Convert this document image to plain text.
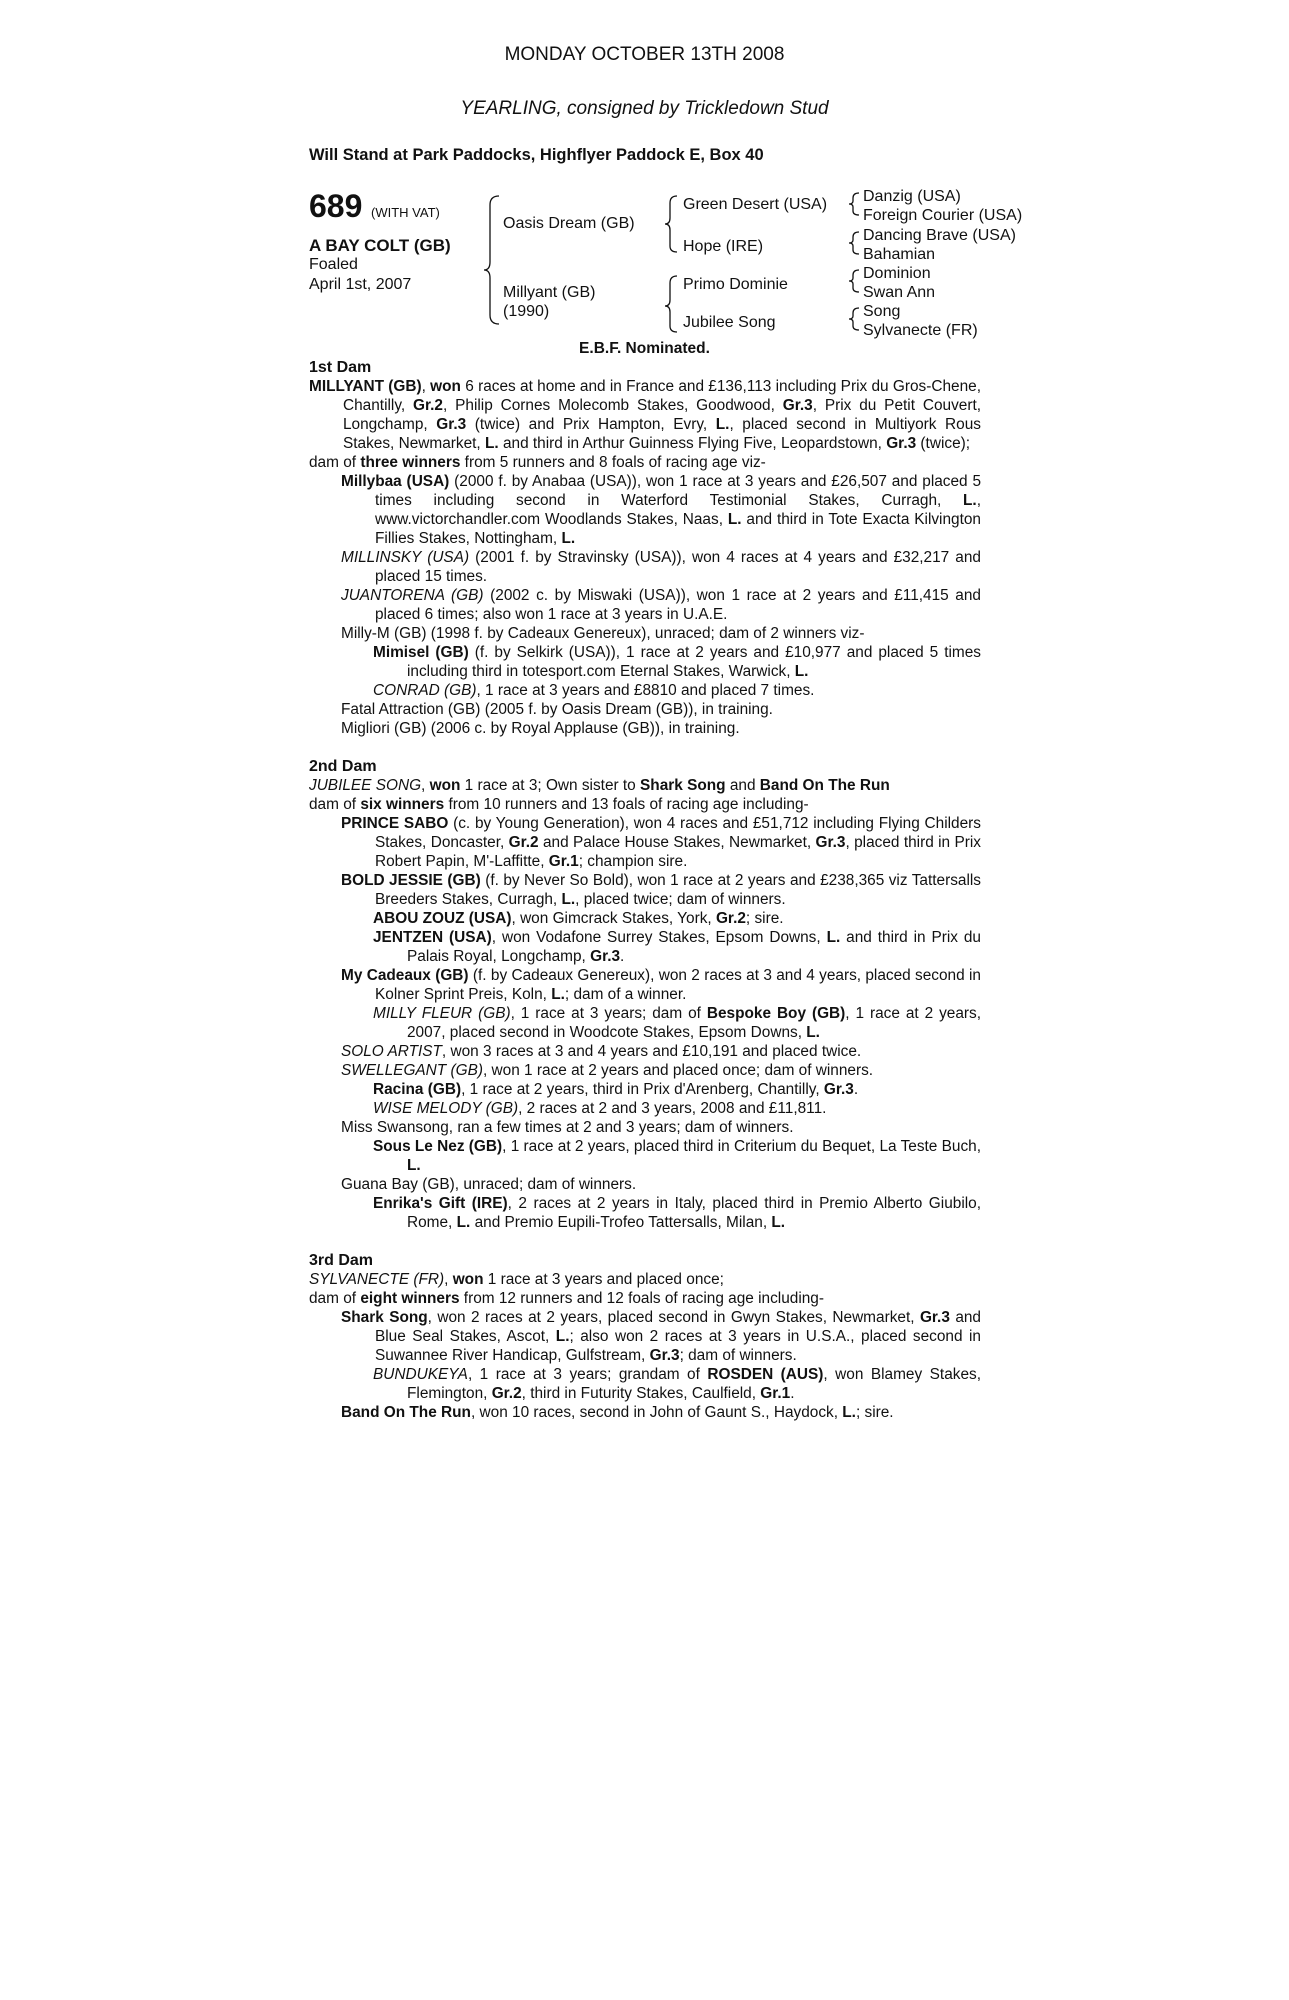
MONDAY OCTOBER 13TH 2008
YEARLING, consigned by Trickledown Stud
Will Stand at Park Paddocks, Highflyer Paddock E, Box 40
689 (WITH VAT)
A BAY COLT (GB)
Foaled
April 1st, 2007
Oasis Dream (GB)
Millyant (GB)
(1990)
Green Desert (USA)
Hope (IRE)
Primo Dominie
Jubilee Song
Danzig (USA)
Foreign Courier (USA)
Dancing Brave (USA)
Bahamian
Dominion
Swan Ann
Song
Sylvanecte (FR)
E.B.F. Nominated.
1st Dam
MILLYANT (GB), won 6 races at home and in France and £136,113 including Prix du Gros-Chene, Chantilly, Gr.2, Philip Cornes Molecomb Stakes, Goodwood, Gr.3, Prix du Petit Couvert, Longchamp, Gr.3 (twice) and Prix Hampton, Evry, L., placed second in Multiyork Rous Stakes, Newmarket, L. and third in Arthur Guinness Flying Five, Leopardstown, Gr.3 (twice);
dam of three winners from 5 runners and 8 foals of racing age viz-
Millybaa (USA) (2000 f. by Anabaa (USA)), won 1 race at 3 years and £26,507 and placed 5 times including second in Waterford Testimonial Stakes, Curragh, L., www.victorchandler.com Woodlands Stakes, Naas, L. and third in Tote Exacta Kilvington Fillies Stakes, Nottingham, L.
MILLINSKY (USA) (2001 f. by Stravinsky (USA)), won 4 races at 4 years and £32,217 and placed 15 times.
JUANTORENA (GB) (2002 c. by Miswaki (USA)), won 1 race at 2 years and £11,415 and placed 6 times; also won 1 race at 3 years in U.A.E.
Milly-M (GB) (1998 f. by Cadeaux Genereux), unraced; dam of 2 winners viz-
Mimisel (GB) (f. by Selkirk (USA)), 1 race at 2 years and £10,977 and placed 5 times including third in totesport.com Eternal Stakes, Warwick, L.
CONRAD (GB), 1 race at 3 years and £8810 and placed 7 times.
Fatal Attraction (GB) (2005 f. by Oasis Dream (GB)), in training.
Migliori (GB) (2006 c. by Royal Applause (GB)), in training.
2nd Dam
JUBILEE SONG, won 1 race at 3; Own sister to Shark Song and Band On The Run
dam of six winners from 10 runners and 13 foals of racing age including-
PRINCE SABO (c. by Young Generation), won 4 races and £51,712 including Flying Childers Stakes, Doncaster, Gr.2 and Palace House Stakes, Newmarket, Gr.3, placed third in Prix Robert Papin, M'-Laffitte, Gr.1; champion sire.
BOLD JESSIE (GB) (f. by Never So Bold), won 1 race at 2 years and £238,365 viz Tattersalls Breeders Stakes, Curragh, L., placed twice; dam of winners.
ABOU ZOUZ (USA), won Gimcrack Stakes, York, Gr.2; sire.
JENTZEN (USA), won Vodafone Surrey Stakes, Epsom Downs, L. and third in Prix du Palais Royal, Longchamp, Gr.3.
My Cadeaux (GB) (f. by Cadeaux Genereux), won 2 races at 3 and 4 years, placed second in Kolner Sprint Preis, Koln, L.; dam of a winner.
MILLY FLEUR (GB), 1 race at 3 years; dam of Bespoke Boy (GB), 1 race at 2 years, 2007, placed second in Woodcote Stakes, Epsom Downs, L.
SOLO ARTIST, won 3 races at 3 and 4 years and £10,191 and placed twice.
SWELLEGANT (GB), won 1 race at 2 years and placed once; dam of winners.
Racina (GB), 1 race at 2 years, third in Prix d'Arenberg, Chantilly, Gr.3.
WISE MELODY (GB), 2 races at 2 and 3 years, 2008 and £11,811.
Miss Swansong, ran a few times at 2 and 3 years; dam of winners.
Sous Le Nez (GB), 1 race at 2 years, placed third in Criterium du Bequet, La Teste Buch, L.
Guana Bay (GB), unraced; dam of winners.
Enrika's Gift (IRE), 2 races at 2 years in Italy, placed third in Premio Alberto Giubilo, Rome, L. and Premio Eupili-Trofeo Tattersalls, Milan, L.
3rd Dam
SYLVANECTE (FR), won 1 race at 3 years and placed once;
dam of eight winners from 12 runners and 12 foals of racing age including-
Shark Song, won 2 races at 2 years, placed second in Gwyn Stakes, Newmarket, Gr.3 and Blue Seal Stakes, Ascot, L.; also won 2 races at 3 years in U.S.A., placed second in Suwannee River Handicap, Gulfstream, Gr.3; dam of winners.
BUNDUKEYA, 1 race at 3 years; grandam of ROSDEN (AUS), won Blamey Stakes, Flemington, Gr.2, third in Futurity Stakes, Caulfield, Gr.1.
Band On The Run, won 10 races, second in John of Gaunt S., Haydock, L.; sire.
